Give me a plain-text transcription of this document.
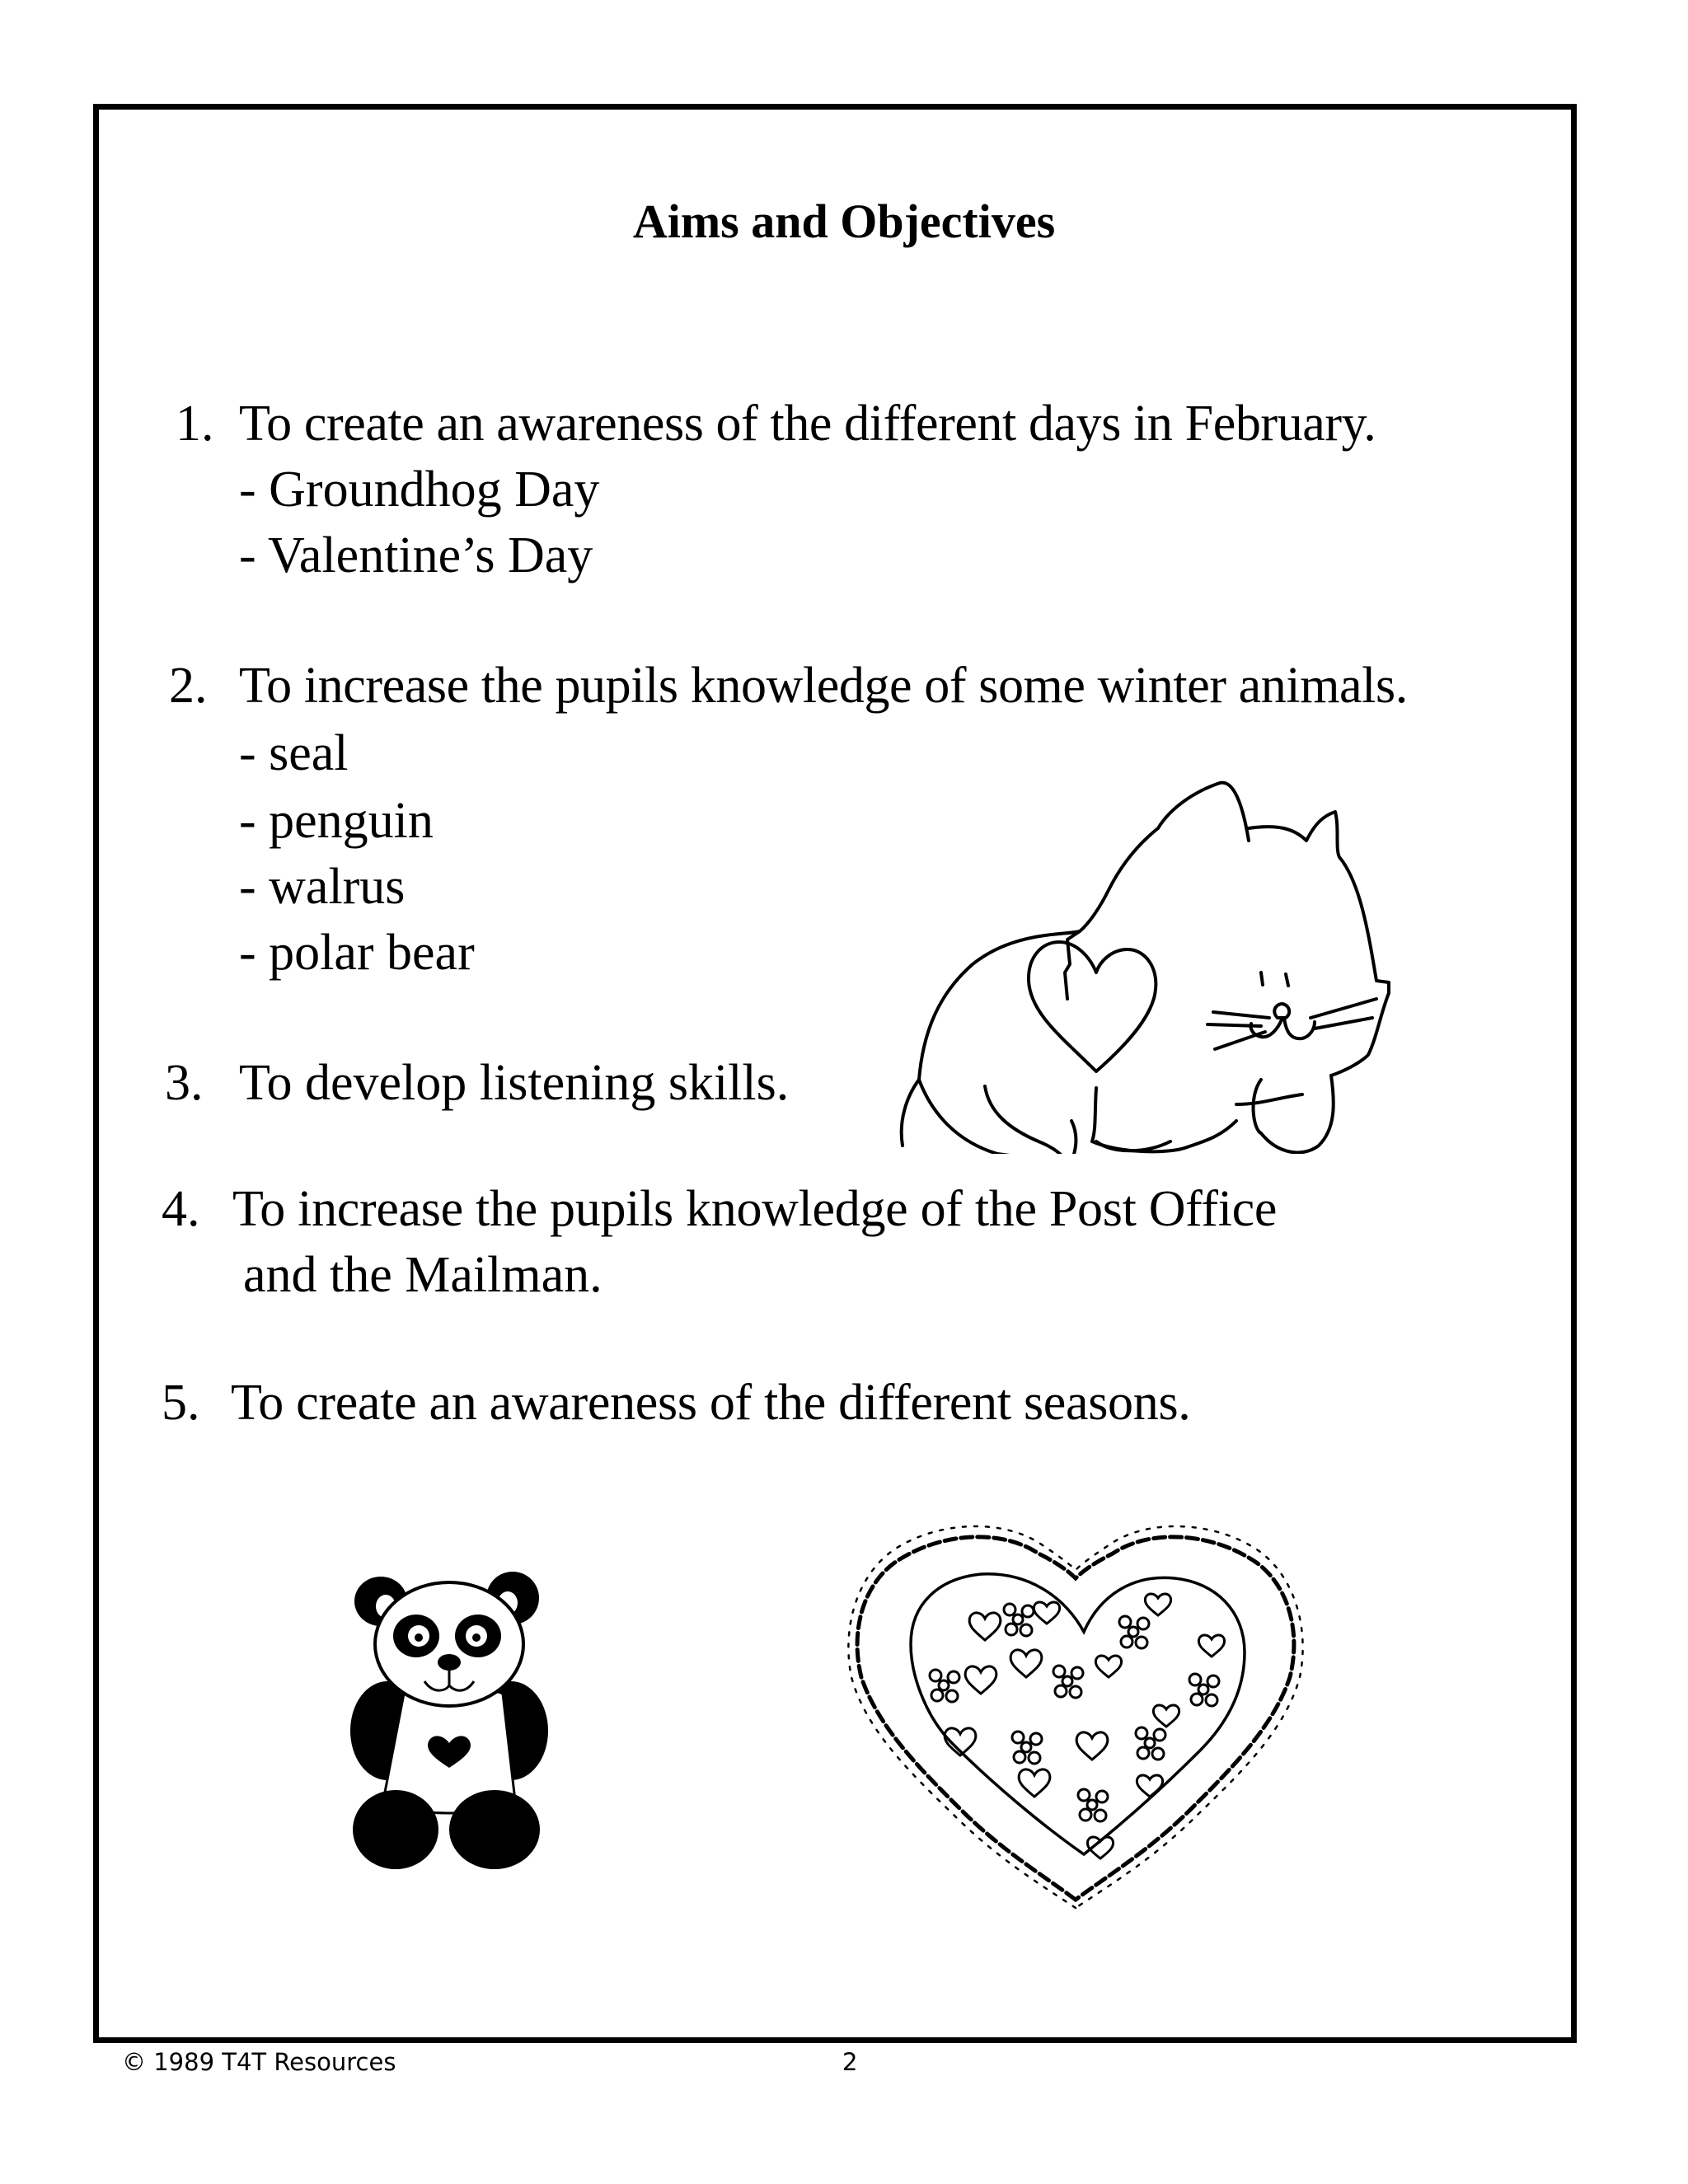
Aims and Objectives
1. To create an awareness of the different days in February.
- Groundhog Day
- Valentine’s Day
2. To increase the pupils knowledge of some winter animals.
- seal
- penguin
- walrus
- polar bear
3. To develop listening skills.
4. To increase the pupils knowledge of the Post Office
and the Mailman.
5. To create an awareness of the different seasons.
© 1989 T4T Resources	2
